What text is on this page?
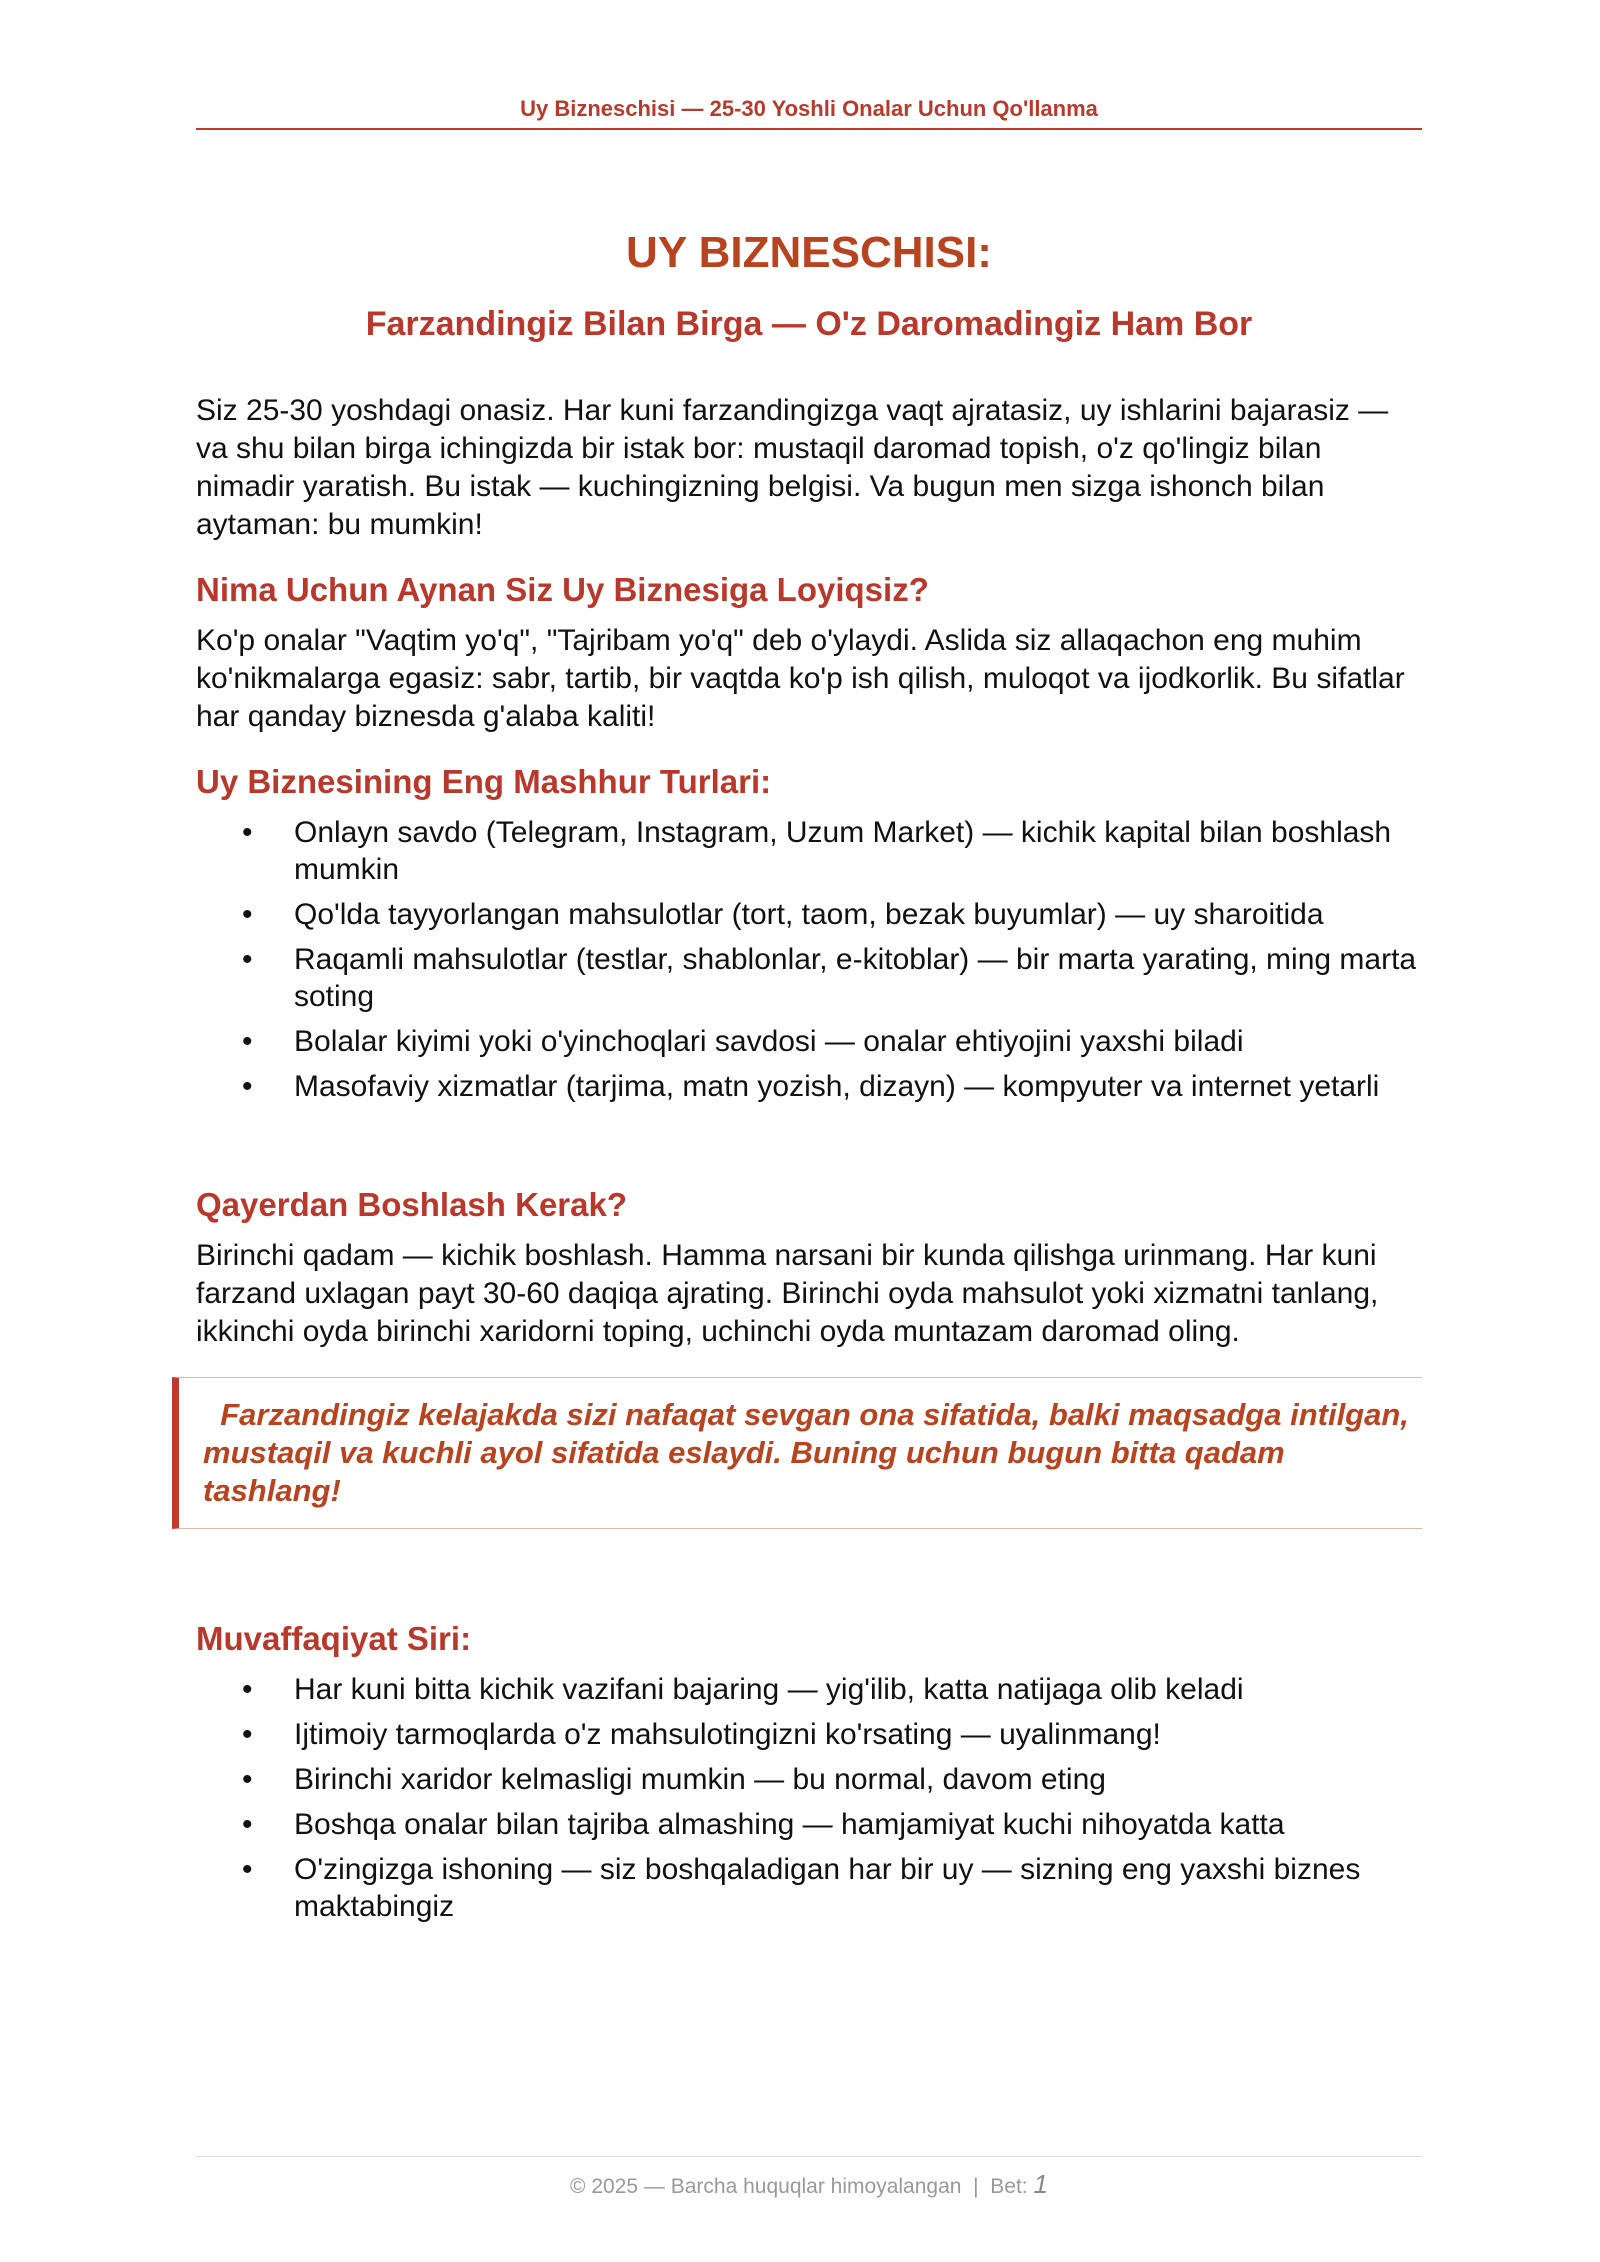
Uy Bizneschisi — 25-30 Yoshli Onalar Uchun Qo'llanma
UY BIZNESCHISI:
Farzandingiz Bilan Birga — O'z Daromadingiz Ham Bor

Siz 25-30 yoshdagi onasiz. Har kuni farzandingizga vaqt ajratasiz, uy ishlarini bajarasiz — va shu bilan birga ichingizda bir istak bor: mustaqil daromad topish, o'z qo'lingiz bilan nimadir yaratish. Bu istak — kuchingizning belgisi. Va bugun men sizga ishonch bilan aytaman: bu mumkin!

Nima Uchun Aynan Siz Uy Biznesiga Loyiqsiz?

Ko'p onalar "Vaqtim yo'q", "Tajribam yo'q" deb o'ylaydi. Aslida siz allaqachon eng muhim ko'nikmalarga egasiz: sabr, tartib, bir vaqtda ko'p ish qilish, muloqot va ijodkorlik. Bu sifatlar har qanday biznesda g'alaba kaliti!

Uy Biznesining Eng Mashhur Turlari:
• Onlayn savdo (Telegram, Instagram, Uzum Market) — kichik kapital bilan boshlash mumkin
• Qo'lda tayyorlangan mahsulotlar (tort, taom, bezak buyumlar) — uy sharoitida
• Raqamli mahsulotlar (testlar, shablonlar, e-kitoblar) — bir marta yarating, ming marta soting
• Bolalar kiyimi yoki o'yinchoqlari savdosi — onalar ehtiyojini yaxshi biladi
• Masofaviy xizmatlar (tarjima, matn yozish, dizayn) — kompyuter va internet yetarli
Qayerdan Boshlash Kerak?

Birinchi qadam — kichik boshlash. Hamma narsani bir kunda qilishga urinmang. Har kuni farzand uxlagan payt 30-60 daqiqa ajrating. Birinchi oyda mahsulot yoki xizmatni tanlang, ikkinchi oyda birinchi xaridorni toping, uchinchi oyda muntazam daromad oling.

Farzandingiz kelajakda sizi nafaqat sevgan ona sifatida, balki maqsadga intilgan, mustaqil va kuchli ayol sifatida eslaydi. Buning uchun bugun bitta qadam tashlang!
Muvaffaqiyat Siri:
• Har kuni bitta kichik vazifani bajaring — yig'ilib, katta natijaga olib keladi
• Ijtimoiy tarmoqlarda o'z mahsulotingizni ko'rsating — uyalinmang!
• Birinchi xaridor kelmasligi mumkin — bu normal, davom eting
• Boshqa onalar bilan tajriba almashing — hamjamiyat kuchi nihoyatda katta
• O'zingizga ishoning — siz boshqaladigan har bir uy — sizning eng yaxshi biznes maktabingiz
© 2025 — Barcha huquqlar himoyalangan | Bet: 1
